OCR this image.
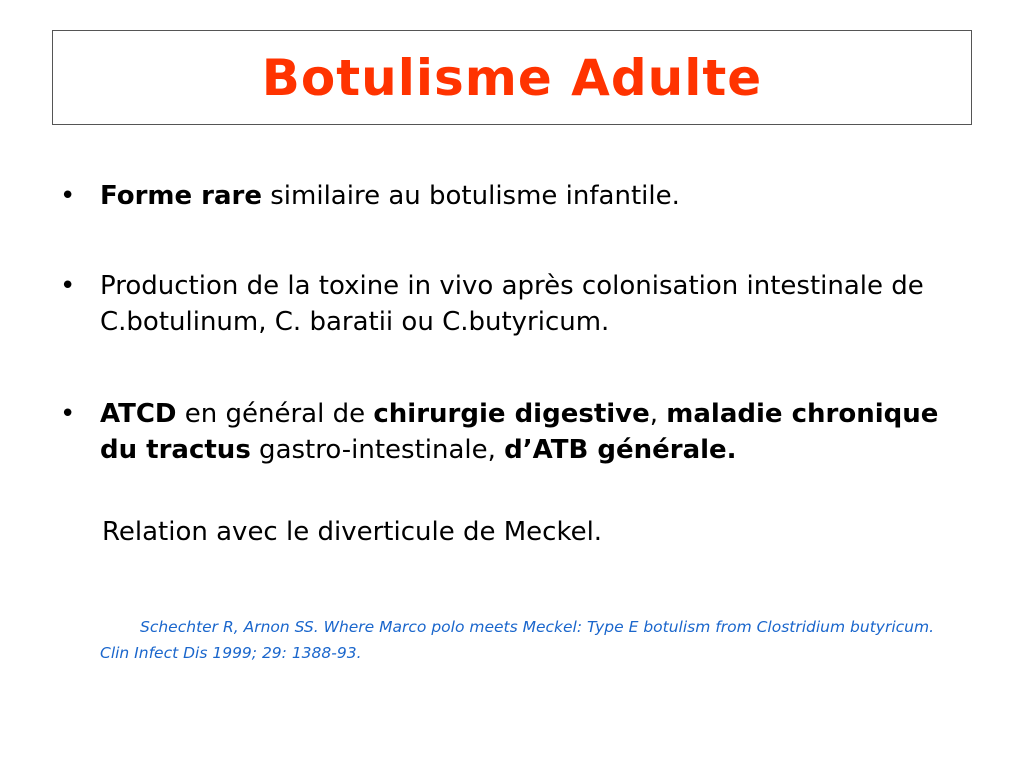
Botulisme Adulte
• Forme rare similaire au botulisme infantile.
• Production de la toxine in vivo après colonisation intestinale de C.botulinum, C. baratii ou C.butyricum.
• ATCD en général de chirurgie digestive, maladie chronique du tractus gastro-intestinale, d’ATB générale.
Relation avec le diverticule de Meckel.
Schechter R, Arnon SS. Where Marco polo meets Meckel: Type E botulism from Clostridium butyricum. Clin Infect Dis 1999; 29: 1388-93.
